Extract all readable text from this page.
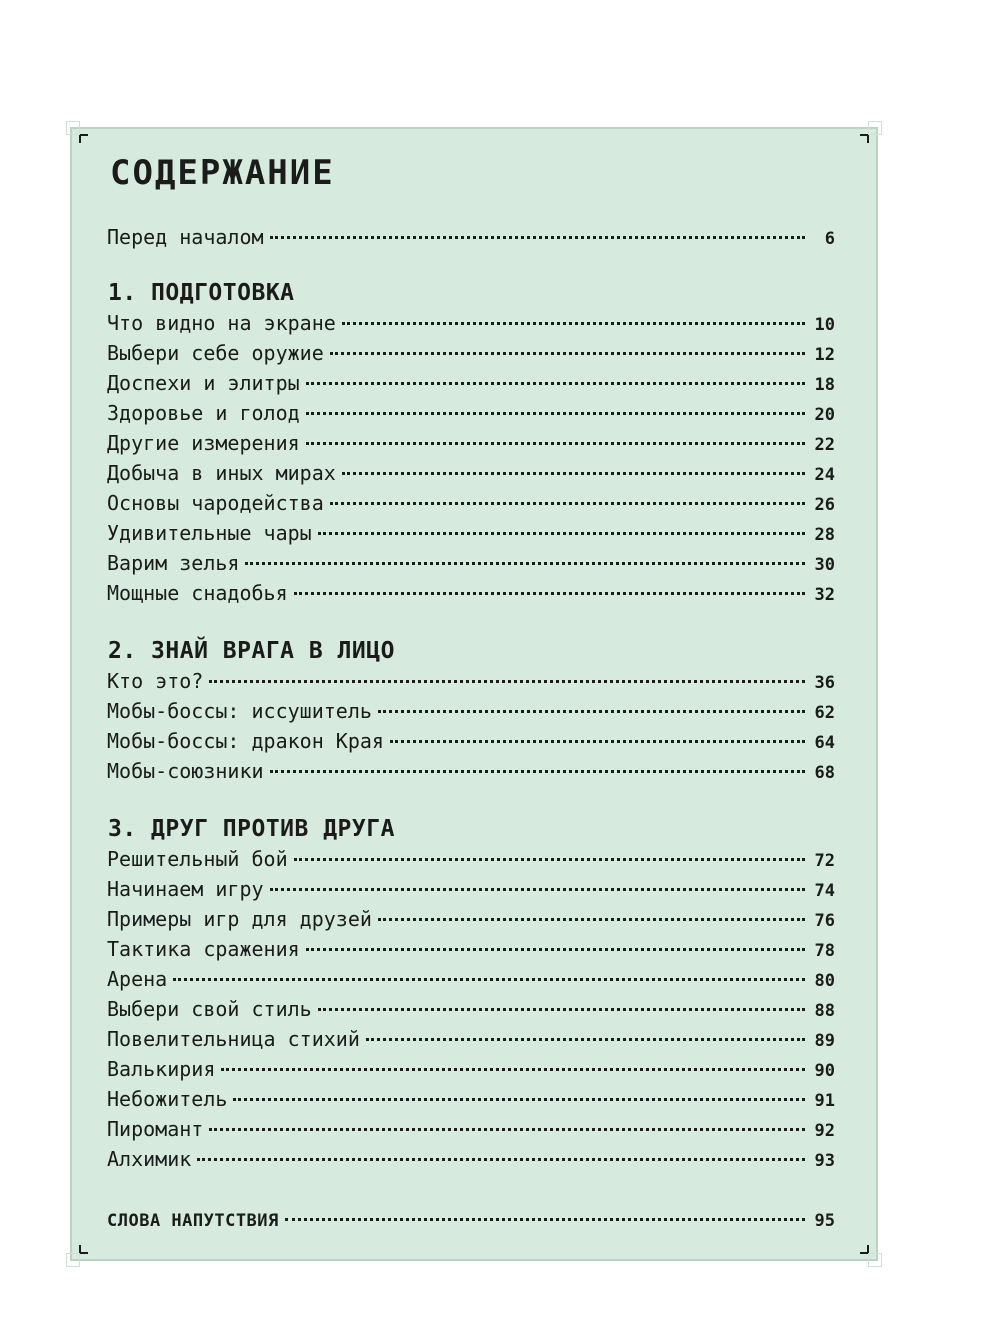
СОДЕРЖАНИЕ
Перед началом	6
1. ПОДГОТОВКА
Что видно на экране	10
Выбери себе оружие	12
Доспехи и элитры	18
Здоровье и голод	20
Другие измерения	22
Добыча в иных мирах	24
Основы чародейства	26
Удивительные чары	28
Варим зелья	30
Мощные снадобья	32
2. ЗНАЙ ВРАГА В ЛИЦО
Кто это?	36
Мобы-боссы: иссушитель	62
Мобы-боссы: дракон Края	64
Мобы-союзники	68
3. ДРУГ ПРОТИВ ДРУГА
Решительный бой	72
Начинаем игру	74
Примеры игр для друзей	76
Тактика сражения	78
Арена	80
Выбери свой стиль	88
Повелительница стихий	89
Валькирия	90
Небожитель	91
Пиромант	92
Алхимик	93
СЛОВА НАПУТСТВИЯ	95
